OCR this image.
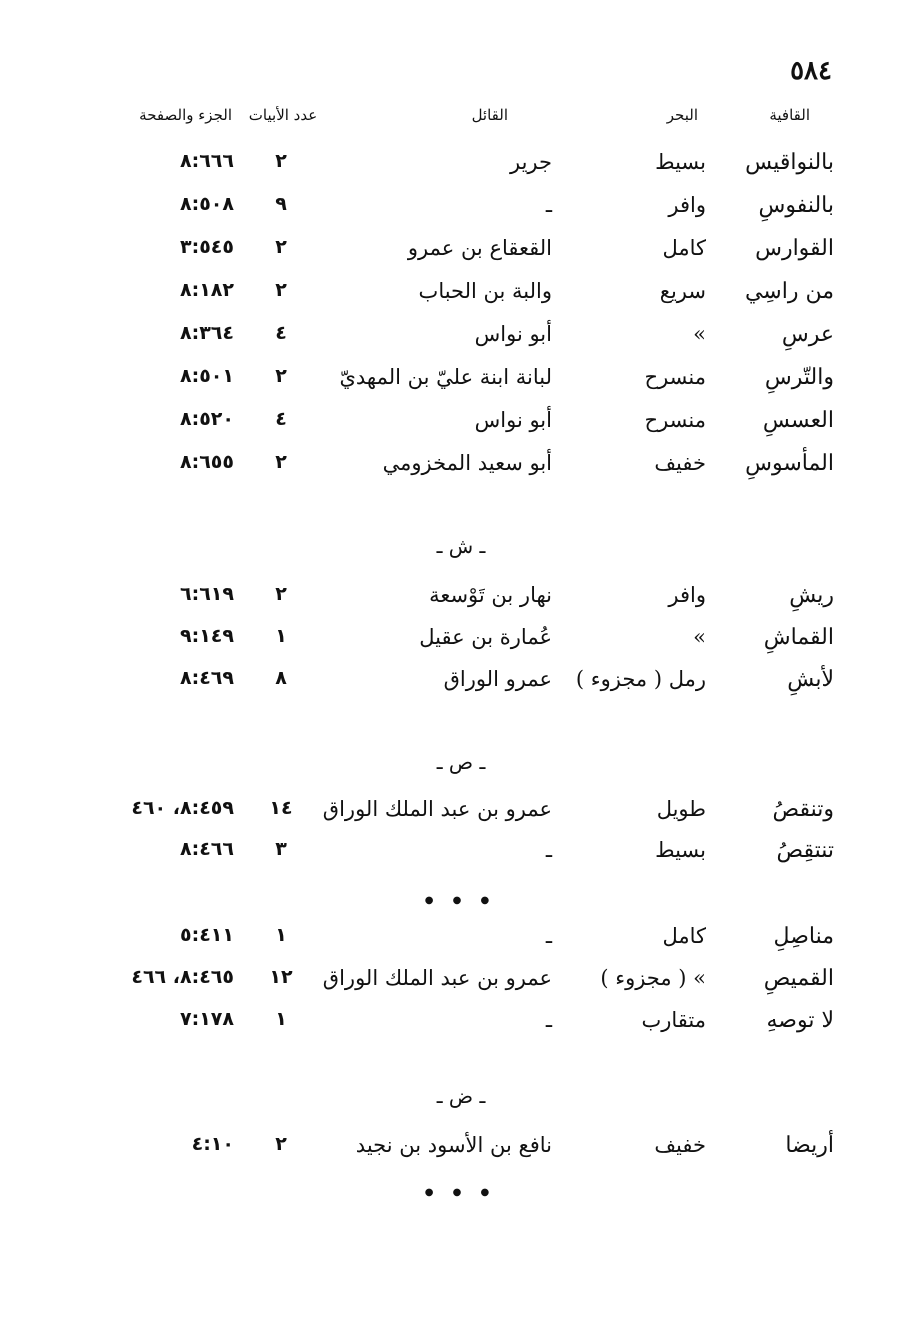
٥٨٤
القافية
البحر
القائل
عدد الأبيات
الجزء والصفحة
بالنواقيس
بسيط
جرير
٢
٨:٦٦٦
بالنفوسِ
وافر
ـ
٩
٨:٥٠٨
القوارس
كامل
القعقاع بن عمرو
٢
٣:٥٤٥
من راسِي
سريع
والبة بن الحباب
٢
٨:١٨٢
عرسِ
»
أبو نواس
٤
٨:٣٦٤
والتّرسِ
منسرح
لبانة ابنة عليّ بن المهديّ
٢
٨:٥٠١
العسسِ
منسرح
أبو نواس
٤
٨:٥٢٠
المأسوسِ
خفيف
أبو سعيد المخزومي
٢
٨:٦٥٥
ـ ش ـ
ريشِ
وافر
نهار بن تَوْسعة
٢
٦:٦١٩
القماشِ
»
عُمارة بن عقيل
١
٩:١٤٩
لأبشِ
رمل ( مجزوء )
عمرو الوراق
٨
٨:٤٦٩
ـ ص ـ
وتنقصُ
طويل
عمرو بن عبد الملك الوراق
١٤
٨:٤٥٩، ٤٦٠
تنتقِصُ
بسيط
ـ
٣
٨:٤٦٦
● ● ●
مناصِلِ
كامل
ـ
١
٥:٤١١
القميصِ
» ( مجزوء )
عمرو بن عبد الملك الوراق
١٢
٨:٤٦٥، ٤٦٦
لا توصهِ
متقارب
ـ
١
٧:١٧٨
ـ ض ـ
أريضا
خفيف
نافع بن الأسود بن نجيد
٢
٤:١٠
● ● ●
